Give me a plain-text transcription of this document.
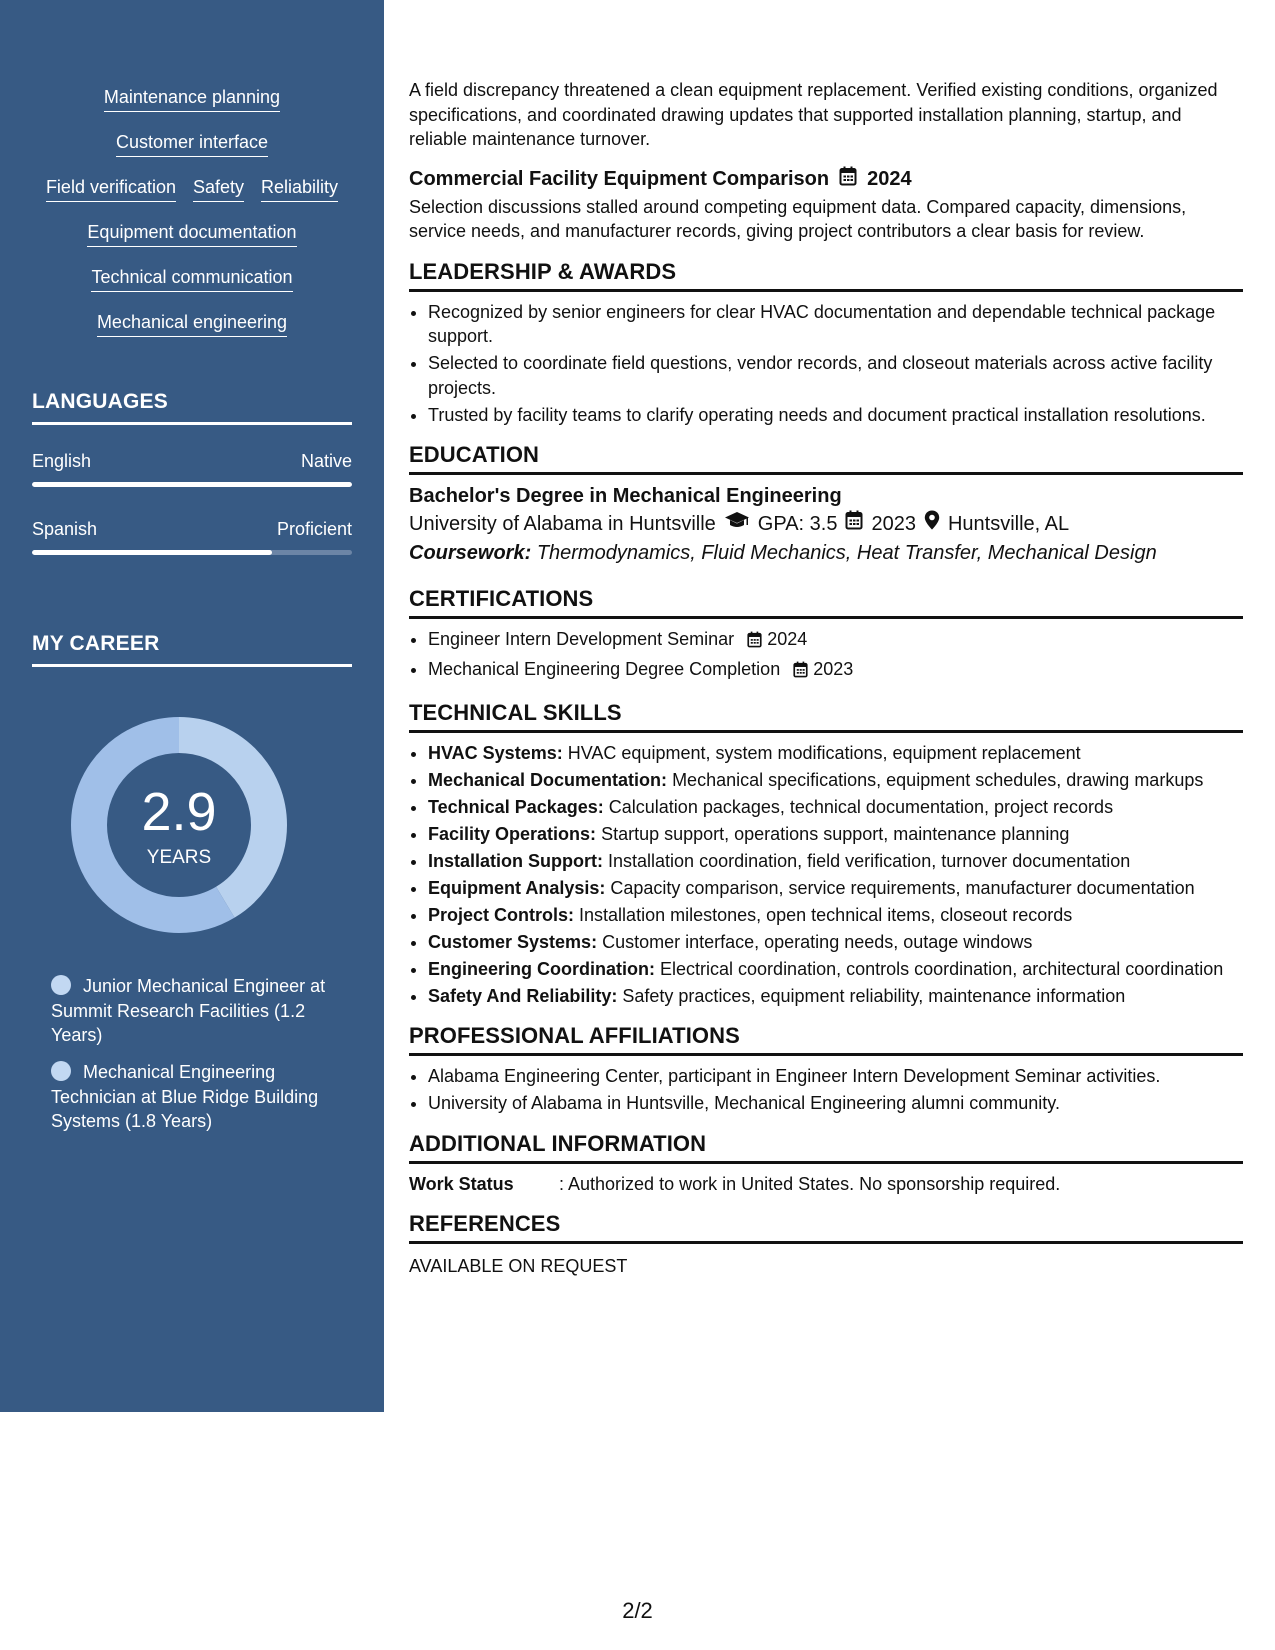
Maintenance planning
Customer interface
Field verification Safety Reliability
Equipment documentation
Technical communication
Mechanical engineering
LANGUAGES
English	Native
Spanish	Proficient
MY CAREER
2.9
YEARS
Junior Mechanical Engineer at Summit Research Facilities (1.2 Years)
Mechanical Engineering Technician at Blue Ridge Building Systems (1.8 Years)

A field discrepancy threatened a clean equipment replacement. Verified existing conditions, organized specifications, and coordinated drawing updates that supported installation planning, startup, and reliable maintenance turnover.

Commercial Facility Equipment Comparison 2024

Selection discussions stalled around competing equipment data. Compared capacity, dimensions, service needs, and manufacturer records, giving project contributors a clear basis for review.

LEADERSHIP & AWARDS
• Recognized by senior engineers for clear HVAC documentation and dependable technical package support.
• Selected to coordinate field questions, vendor records, and closeout materials across active facility projects.
• Trusted by facility teams to clarify operating needs and document practical installation resolutions.
EDUCATION
Bachelor's Degree in Mechanical Engineering
University of Alabama in Huntsville GPA: 3.5 2023 Huntsville, AL
Coursework: Thermodynamics, Fluid Mechanics, Heat Transfer, Mechanical Design
CERTIFICATIONS
• Engineer Intern Development Seminar 2024
• Mechanical Engineering Degree Completion 2023
TECHNICAL SKILLS
• HVAC Systems: HVAC equipment, system modifications, equipment replacement
• Mechanical Documentation: Mechanical specifications, equipment schedules, drawing markups
• Technical Packages: Calculation packages, technical documentation, project records
• Facility Operations: Startup support, operations support, maintenance planning
• Installation Support: Installation coordination, field verification, turnover documentation
• Equipment Analysis: Capacity comparison, service requirements, manufacturer documentation
• Project Controls: Installation milestones, open technical items, closeout records
• Customer Systems: Customer interface, operating needs, outage windows
• Engineering Coordination: Electrical coordination, controls coordination, architectural coordination
• Safety And Reliability: Safety practices, equipment reliability, maintenance information
PROFESSIONAL AFFILIATIONS
• Alabama Engineering Center, participant in Engineer Intern Development Seminar activities.
• University of Alabama in Huntsville, Mechanical Engineering alumni community.
ADDITIONAL INFORMATION
Work Status	: Authorized to work in United States. No sponsorship required.
REFERENCES
AVAILABLE ON REQUEST
2/2
